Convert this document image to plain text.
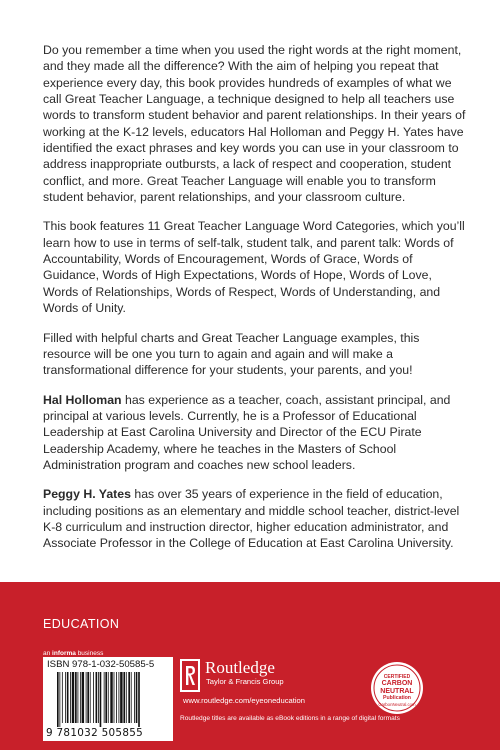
Do you remember a time when you used the right words at the right moment, and they made all the difference? With the aim of helping you repeat that experience every day, this book provides hundreds of examples of what we call Great Teacher Language, a technique designed to help all teachers use words to transform student behavior and parent relationships. In their years of working at the K-12 levels, educators Hal Holloman and Peggy H. Yates have identified the exact phrases and key words you can use in your classroom to address inappropriate outbursts, a lack of respect and cooperation, student conflict, and more. Great Teacher Language will enable you to transform student behavior, parent relationships, and your classroom culture.

This book features 11 Great Teacher Language Word Categories, which you’ll learn how to use in terms of self-talk, student talk, and parent talk: Words of Accountability, Words of Encouragement, Words of Grace, Words of Guidance, Words of High Expectations, Words of Hope, Words of Love, Words of Relationships, Words of Respect, Words of Understanding, and Words of Unity.

Filled with helpful charts and Great Teacher Language examples, this resource will be one you turn to again and again and will make a transformational difference for your students, your parents, and you!

Hal Holloman has experience as a teacher, coach, assistant principal, and principal at various levels. Currently, he is a Professor of Educational Leadership at East Carolina University and Director of the ECU Pirate Leadership Academy, where he teaches in the Masters of School Administration program and coaches new school leaders.

Peggy H. Yates has over 35 years of experience in the field of education, including positions as an elementary and middle school teacher, district-level K-8 curriculum and instruction director, higher education administrator, and Associate Professor in the College of Education at East Carolina University.

EDUCATION
an informa business
ISBN 978-1-032-50585-5
9 781032 505855
Routledge
Taylor & Francis Group
www.routledge.com/eyeoneducation
CERTIFIED
CARBON NEUTRAL
Publication
CarbonNeutral.com
Routledge titles are available as eBook editions in a range of digital formats
